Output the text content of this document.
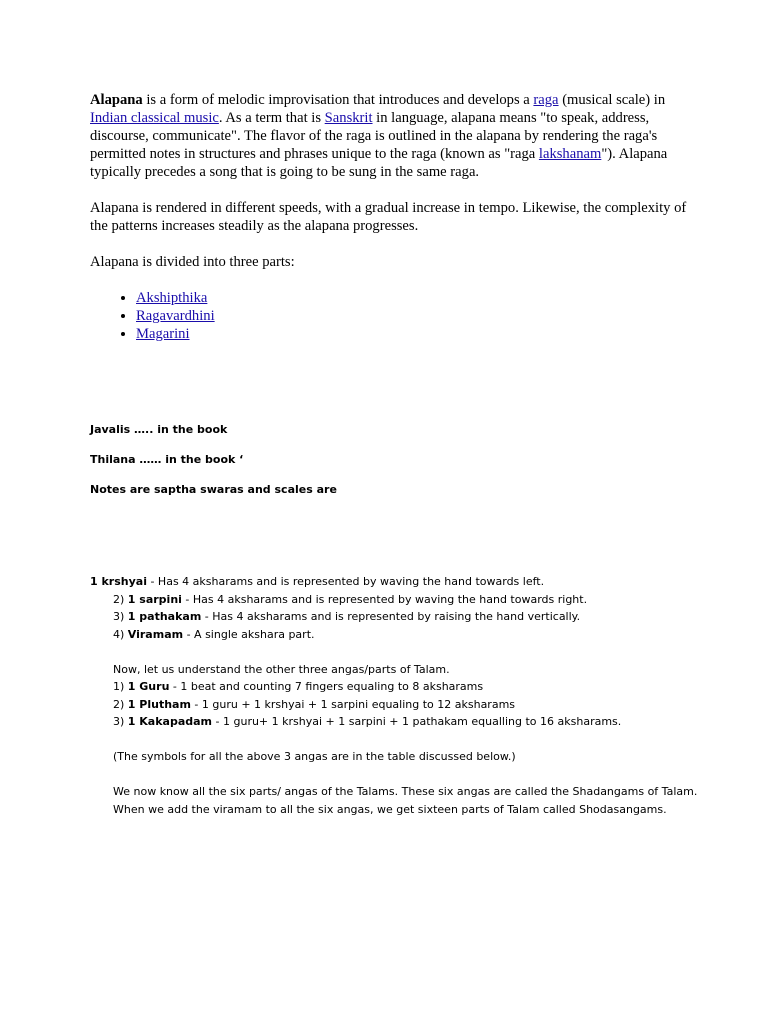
Alapana is a form of melodic improvisation that introduces and develops a raga (musical scale) in Indian classical music. As a term that is Sanskrit in language, alapana means "to speak, address, discourse, communicate". The flavor of the raga is outlined in the alapana by rendering the raga's permitted notes in structures and phrases unique to the raga (known as "raga lakshanam"). Alapana typically precedes a song that is going to be sung in the same raga.

Alapana is rendered in different speeds, with a gradual increase in tempo. Likewise, the complexity of the patterns increases steadily as the alapana progresses.

Alapana is divided into three parts:

• Akshipthika
• Ragavardhini
• Magarini

Javalis ….. in the book

Thilana …… in the book ‘

Notes are saptha swaras and scales are

1 krshyai - Has 4 aksharams and is represented by waving the hand towards left.
2) 1 sarpini - Has 4 aksharams and is represented by waving the hand towards right.
3) 1 pathakam - Has 4 aksharams and is represented by raising the hand vertically.
4) Viramam - A single akshara part.
Now, let us understand the other three angas/parts of Talam.
1) 1 Guru - 1 beat and counting 7 fingers equaling to 8 aksharams
2) 1 Plutham - 1 guru + 1 krshyai + 1 sarpini equaling to 12 aksharams
3) 1 Kakapadam - 1 guru+ 1 krshyai + 1 sarpini + 1 pathakam equalling to 16 aksharams.
(The symbols for all the above 3 angas are in the table discussed below.)
We now know all the six parts/ angas of the Talams. These six angas are called the Shadangams of Talam. When we add the viramam to all the six angas, we get sixteen parts of Talam called Shodasangams.
